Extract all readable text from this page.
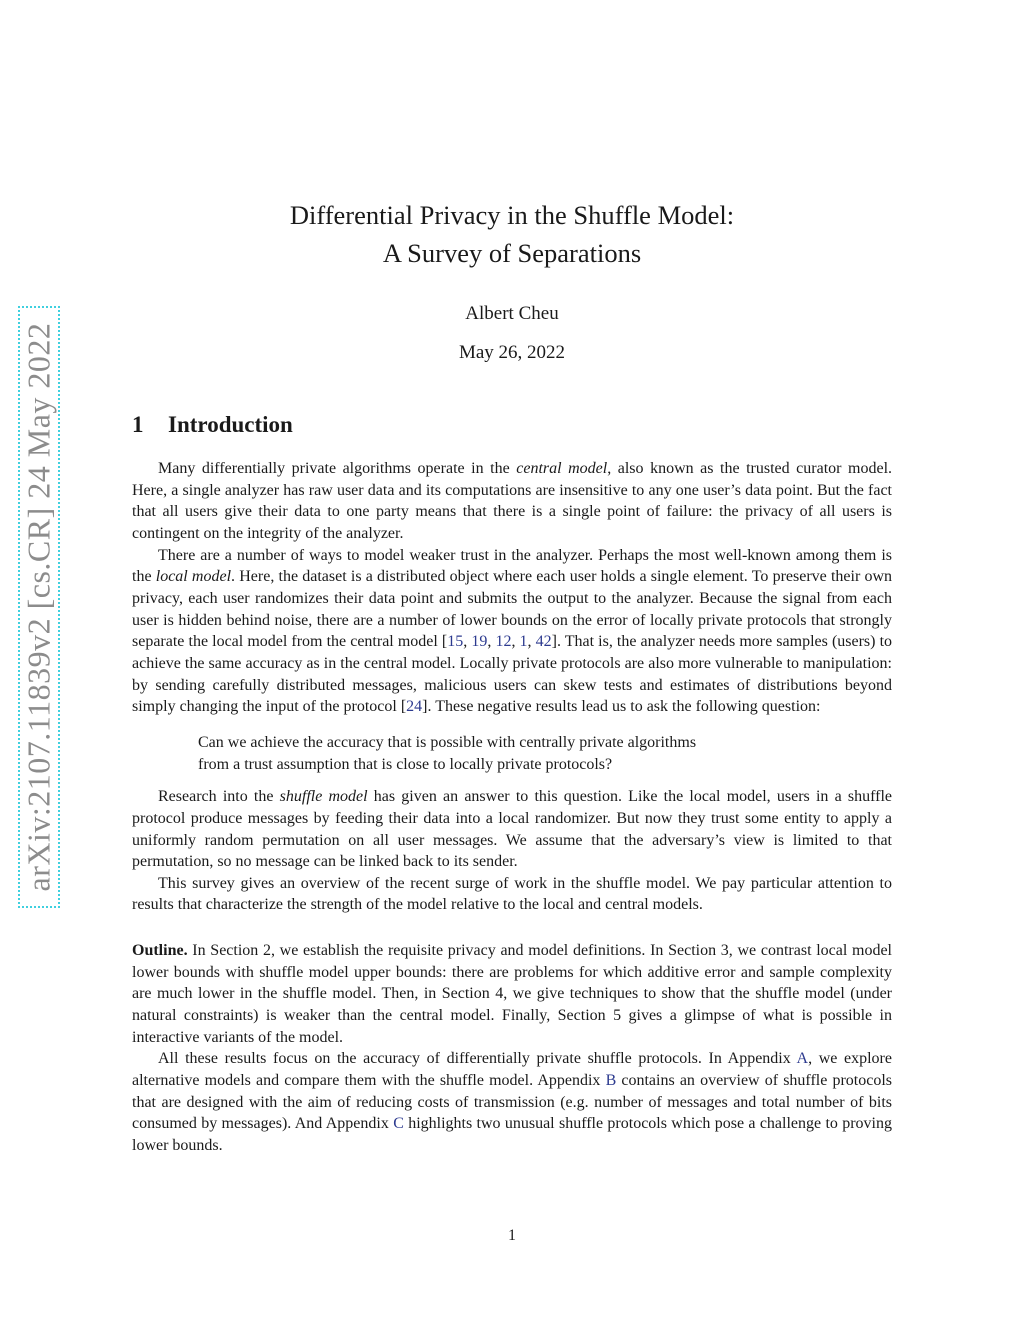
arXiv:2107.11839v2 [cs.CR] 24 May 2022
Differential Privacy in the Shuffle Model:
A Survey of Separations
Albert Cheu
May 26, 2022
1 Introduction

Many differentially private algorithms operate in the central model, also known as the trusted curator model. Here, a single analyzer has raw user data and its computations are insensitive to any one user’s data point. But the fact that all users give their data to one party means that there is a single point of failure: the privacy of all users is contingent on the integrity of the analyzer.

There are a number of ways to model weaker trust in the analyzer. Perhaps the most well-known among them is the local model. Here, the dataset is a distributed object where each user holds a single element. To preserve their own privacy, each user randomizes their data point and submits the output to the analyzer. Because the signal from each user is hidden behind noise, there are a number of lower bounds on the error of locally private protocols that strongly separate the local model from the central model [15, 19, 12, 1, 42]. That is, the analyzer needs more samples (users) to achieve the same accuracy as in the central model. Locally private protocols are also more vulnerable to manipulation: by sending carefully distributed messages, malicious users can skew tests and estimates of distributions beyond simply changing the input of the protocol [24]. These negative results lead us to ask the following question:

Can we achieve the accuracy that is possible with centrally private algorithms
from a trust assumption that is close to locally private protocols?

Research into the shuffle model has given an answer to this question. Like the local model, users in a shuffle protocol produce messages by feeding their data into a local randomizer. But now they trust some entity to apply a uniformly random permutation on all user messages. We assume that the adversary’s view is limited to that permutation, so no message can be linked back to its sender.

This survey gives an overview of the recent surge of work in the shuffle model. We pay particular attention to results that characterize the strength of the model relative to the local and central models.

Outline. In Section 2, we establish the requisite privacy and model definitions. In Section 3, we contrast local model lower bounds with shuffle model upper bounds: there are problems for which additive error and sample complexity are much lower in the shuffle model. Then, in Section 4, we give techniques to show that the shuffle model (under natural constraints) is weaker than the central model. Finally, Section 5 gives a glimpse of what is possible in interactive variants of the model.

All these results focus on the accuracy of differentially private shuffle protocols. In Appendix A, we explore alternative models and compare them with the shuffle model. Appendix B contains an overview of shuffle protocols that are designed with the aim of reducing costs of transmission (e.g. number of messages and total number of bits consumed by messages). And Appendix C highlights two unusual shuffle protocols which pose a challenge to proving lower bounds.

1
